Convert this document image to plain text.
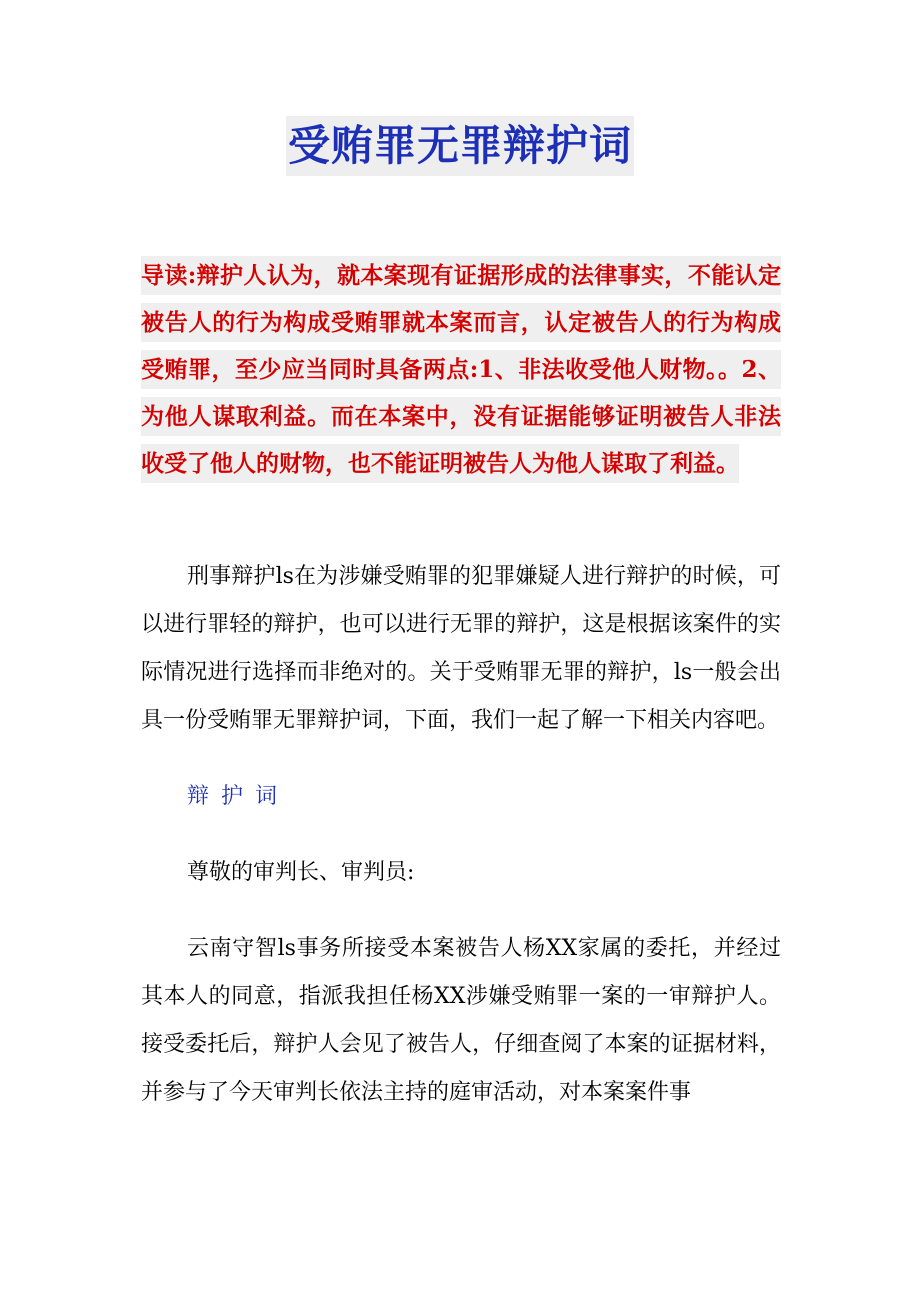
受贿罪无罪辩护词
导读:辩护人认为，就本案现有证据形成的法律事实，不能认定被告人的行为构成受贿罪就本案而言，认定被告人的行为构成受贿罪，至少应当同时具备两点:1、非法收受他人财物。。2、为他人谋取利益。而在本案中，没有证据能够证明被告人非法收受了他人的财物，也不能证明被告人为他人谋取了利益。

刑事辩护ls在为涉嫌受贿罪的犯罪嫌疑人进行辩护的时候，可以进行罪轻的辩护，也可以进行无罪的辩护，这是根据该案件的实际情况进行选择而非绝对的。关于受贿罪无罪的辩护，ls一般会出具一份受贿罪无罪辩护词，下面，我们一起了解一下相关内容吧。

辩护词

尊敬的审判长、审判员:

云南守智ls事务所接受本案被告人杨XX家属的委托，并经过其本人的同意，指派我担任杨XX涉嫌受贿罪一案的一审辩护人。接受委托后，辩护人会见了被告人，仔细查阅了本案的证据材料，并参与了今天审判长依法主持的庭审活动，对本案案件事
